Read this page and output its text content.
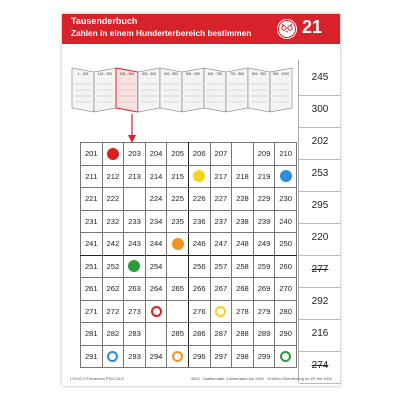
Tausenderbuch
Zahlen in einem Hunderterbereich bestimmen	21
1 - 100	101 - 200 201 - 300 301 - 400 401 - 500 501 - 600 601 - 700 701 - 800 801 - 900 901 - 1000
201		203	204	205	206	207		209	210
211	212	213	214	215		217	218	219	
221	222		224	225	226	227	228	229	230
231	232	233	234	235	236	237	238	239	240
241	242	243	244		246	247	248	249	250
251	252		254		256	257	258	259	260
261	262	263	264	265	266	267	268	269	270
271	272	273			276		278	279	280
281	282	283		285	286	287	288	289	290
291		293	294		296	297	298	299	
245
300
202
253
295
220
277
292
216
274
LOGICO Förderbox PICCOLO	3323 - Mathematik: Zahlenraum bis 1000 · Größen Orientierung im ZR bis 1000
